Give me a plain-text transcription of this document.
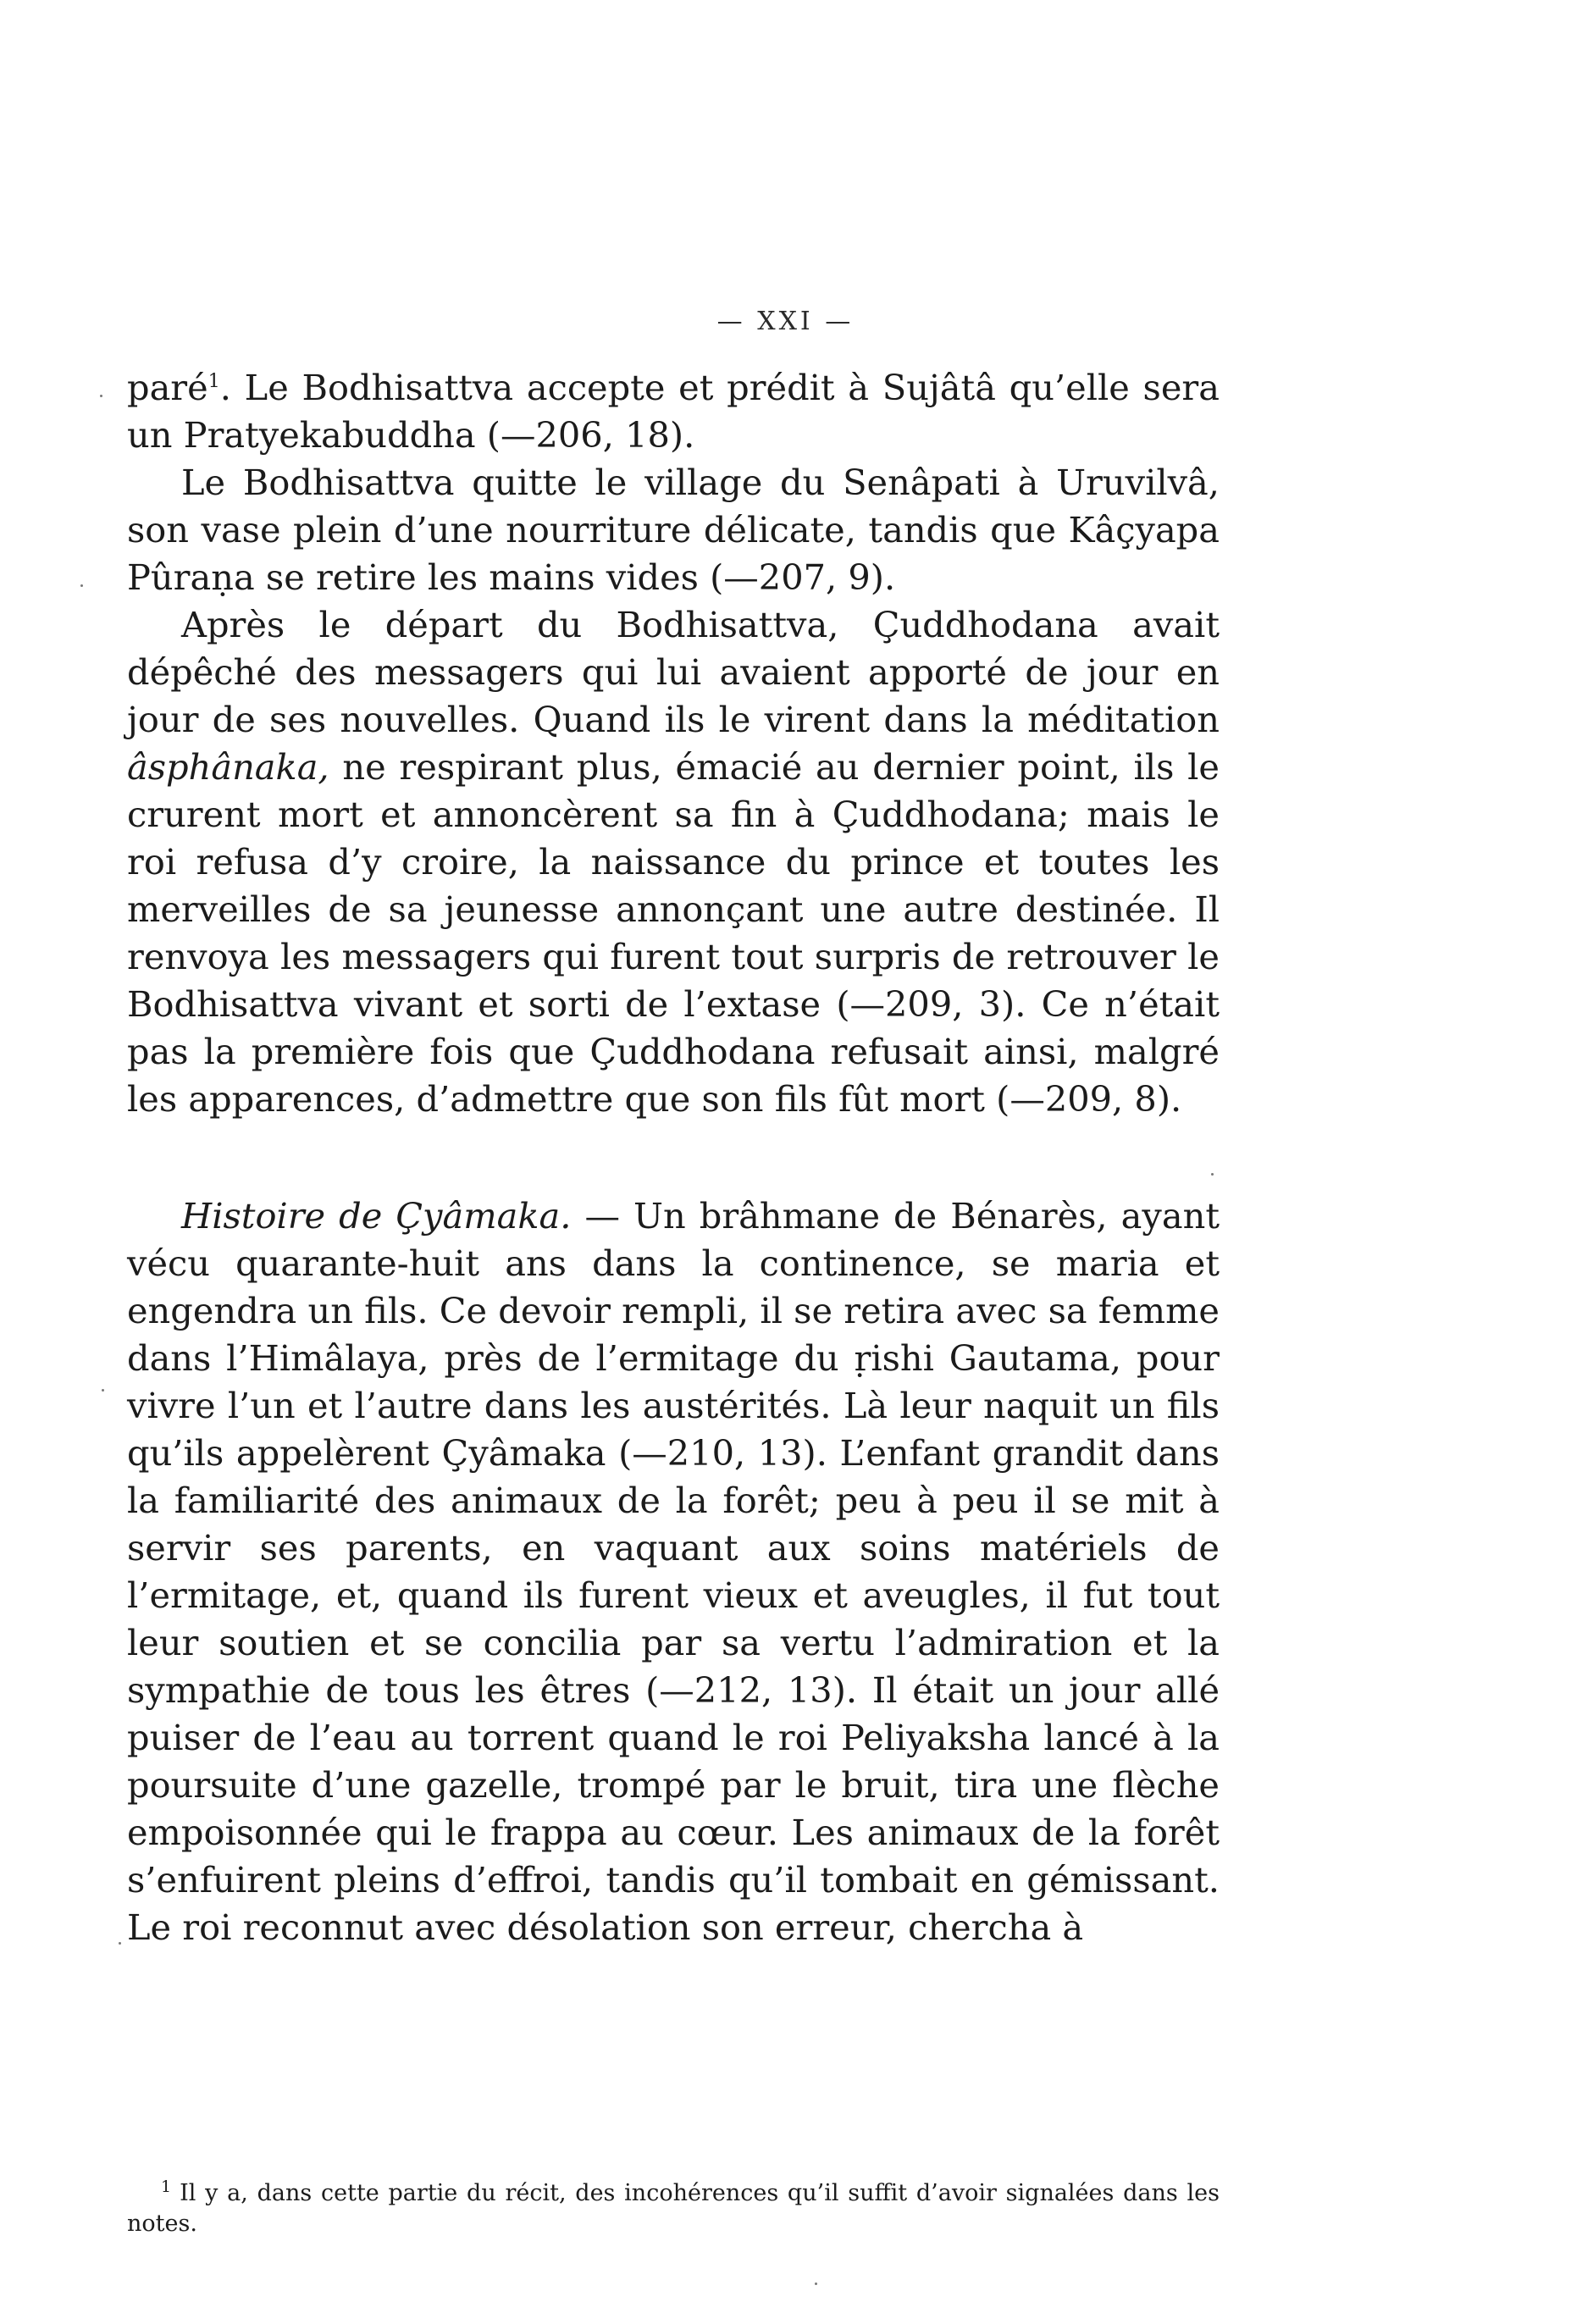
— XXI —

paré$^1$. Le Bodhisattva accepte et prédit à Sujâtâ qu’elle sera un Pratyekabuddha (—206, 18).

Le Bodhisattva quitte le village du Senâpati à Uruvilvâ, son vase plein d’une nourriture délicate, tandis que Kâçyapa Pûraṇa se retire les mains vides (—207, 9).

Après le départ du Bodhisattva, Çuddhodana avait dépêché des messagers qui lui avaient apporté de jour en jour de ses nouvelles. Quand ils le virent dans la méditation âsphânaka, ne respirant plus, émacié au dernier point, ils le crurent mort et annoncèrent sa fin à Çuddhodana; mais le roi refusa d’y croire, la naissance du prince et toutes les merveilles de sa jeunesse annonçant une autre destinée. Il renvoya les messagers qui furent tout surpris de retrouver le Bodhisattva vivant et sorti de l’extase (—209, 3). Ce n’était pas la première fois que Çuddhodana refusait ainsi, malgré les apparences, d’admettre que son fils fût mort (—209, 8).

Histoire de Çyâmaka. — Un brâhmane de Bénarès, ayant vécu quarante-huit ans dans la continence, se maria et engendra un fils. Ce devoir rempli, il se retira avec sa femme dans l’Himâlaya, près de l’ermitage du ṛishi Gautama, pour vivre l’un et l’autre dans les austérités. Là leur naquit un fils qu’ils appelèrent Çyâmaka (—210, 13). L’enfant grandit dans la familiarité des animaux de la forêt; peu à peu il se mit à servir ses parents, en vaquant aux soins matériels de l’ermitage, et, quand ils furent vieux et aveugles, il fut tout leur soutien et se concilia par sa vertu l’admiration et la sympathie de tous les êtres (—212, 13). Il était un jour allé puiser de l’eau au torrent quand le roi Peliyaksha lancé à la poursuite d’une gazelle, trompé par le bruit, tira une flèche empoisonnée qui le frappa au cœur. Les animaux de la forêt s’enfuirent pleins d’effroi, tandis qu’il tombait en gémissant. Le roi reconnut avec désolation son erreur, chercha à

$^1$ Il y a, dans cette partie du récit, des incohérences qu’il suffit d’avoir signalées dans les notes.
